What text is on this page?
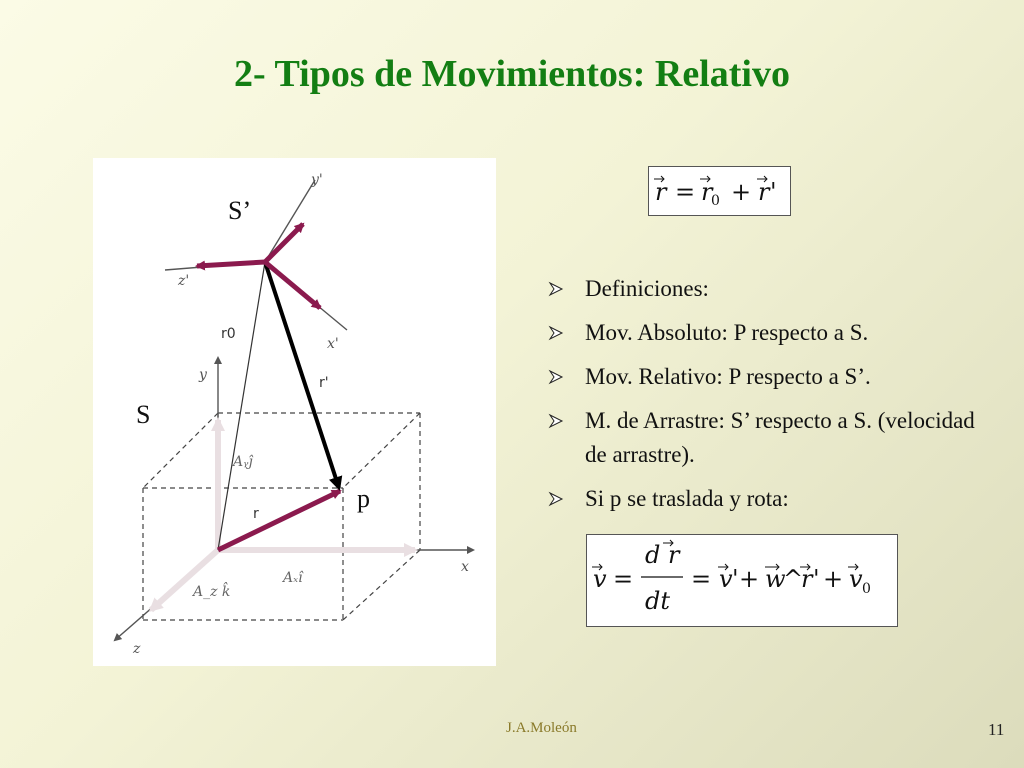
2- Tipos de Movimientos: Relativo
y'
z'
x'
x
y
z
r0
r'
r
Aᵧĵ
Aₓî
A_z k̂
S’
S
p
r = r
0 + r '
Definiciones:
Mov. Absoluto: P respecto a S.
Mov. Relativo: P respecto a S’.
M. de Arrastre: S’ respecto a S. (velocidad de arrastre).
Si p se traslada y rota:
v =
d r
dt
= v ' + w
^
r ' + v 0
J.A.Moleón	11
